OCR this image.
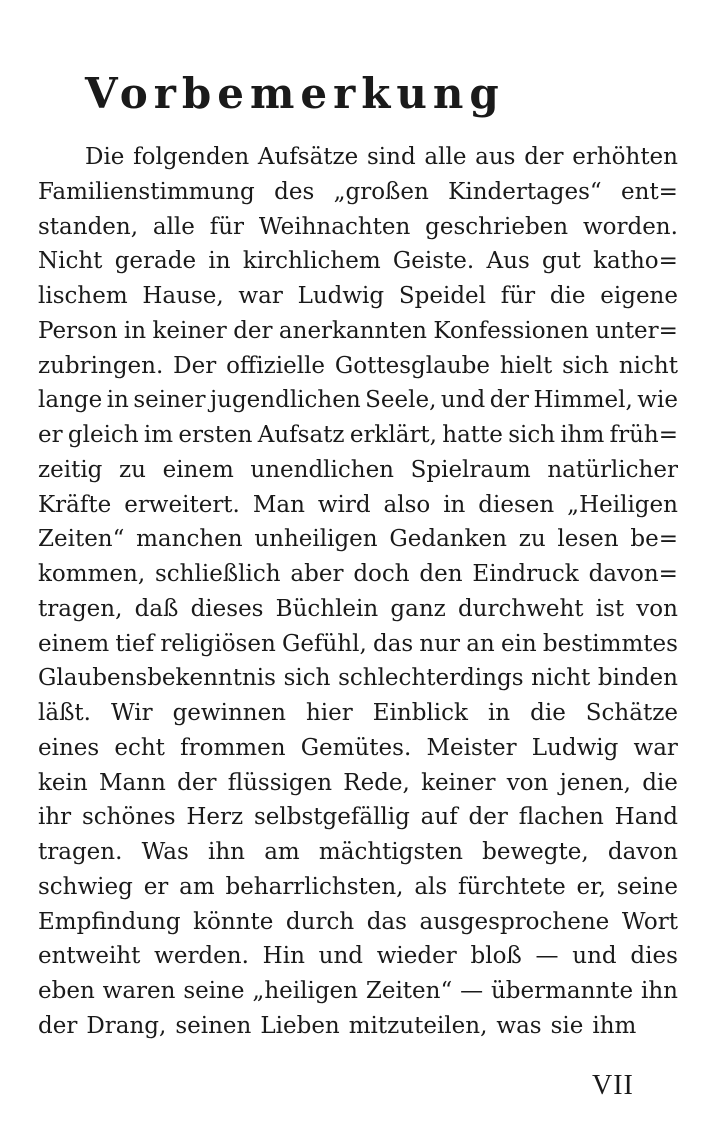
Vorbemerkung
Die folgenden Aufsätze sind alle aus der erhöhten
Familienstimmung des „großen Kindertages“ ent=
standen, alle für Weihnachten geschrieben worden.
Nicht gerade in kirchlichem Geiste. Aus gut katho=
lischem Hause, war Ludwig Speidel für die eigene
Person in keiner der anerkannten Konfessionen unter=
zubringen. Der offizielle Gottesglaube hielt sich nicht
lange in seiner jugendlichen Seele, und der Himmel, wie
er gleich im ersten Aufsatz erklärt, hatte sich ihm früh=
zeitig zu einem unendlichen Spielraum natürlicher
Kräfte erweitert. Man wird also in diesen „Heiligen
Zeiten“ manchen unheiligen Gedanken zu lesen be=
kommen, schließlich aber doch den Eindruck davon=
tragen, daß dieses Büchlein ganz durchweht ist von
einem tief religiösen Gefühl, das nur an ein bestimmtes
Glaubensbekenntnis sich schlechterdings nicht binden
läßt. Wir gewinnen hier Einblick in die Schätze
eines echt frommen Gemütes. Meister Ludwig war
kein Mann der flüssigen Rede, keiner von jenen, die
ihr schönes Herz selbstgefällig auf der flachen Hand
tragen. Was ihn am mächtigsten bewegte, davon
schwieg er am beharrlichsten, als fürchtete er, seine
Empfindung könnte durch das ausgesprochene Wort
entweiht werden. Hin und wieder bloß — und dies
eben waren seine „heiligen Zeiten“ — übermannte ihn
der Drang, seinen Lieben mitzuteilen, was sie ihm
VII
